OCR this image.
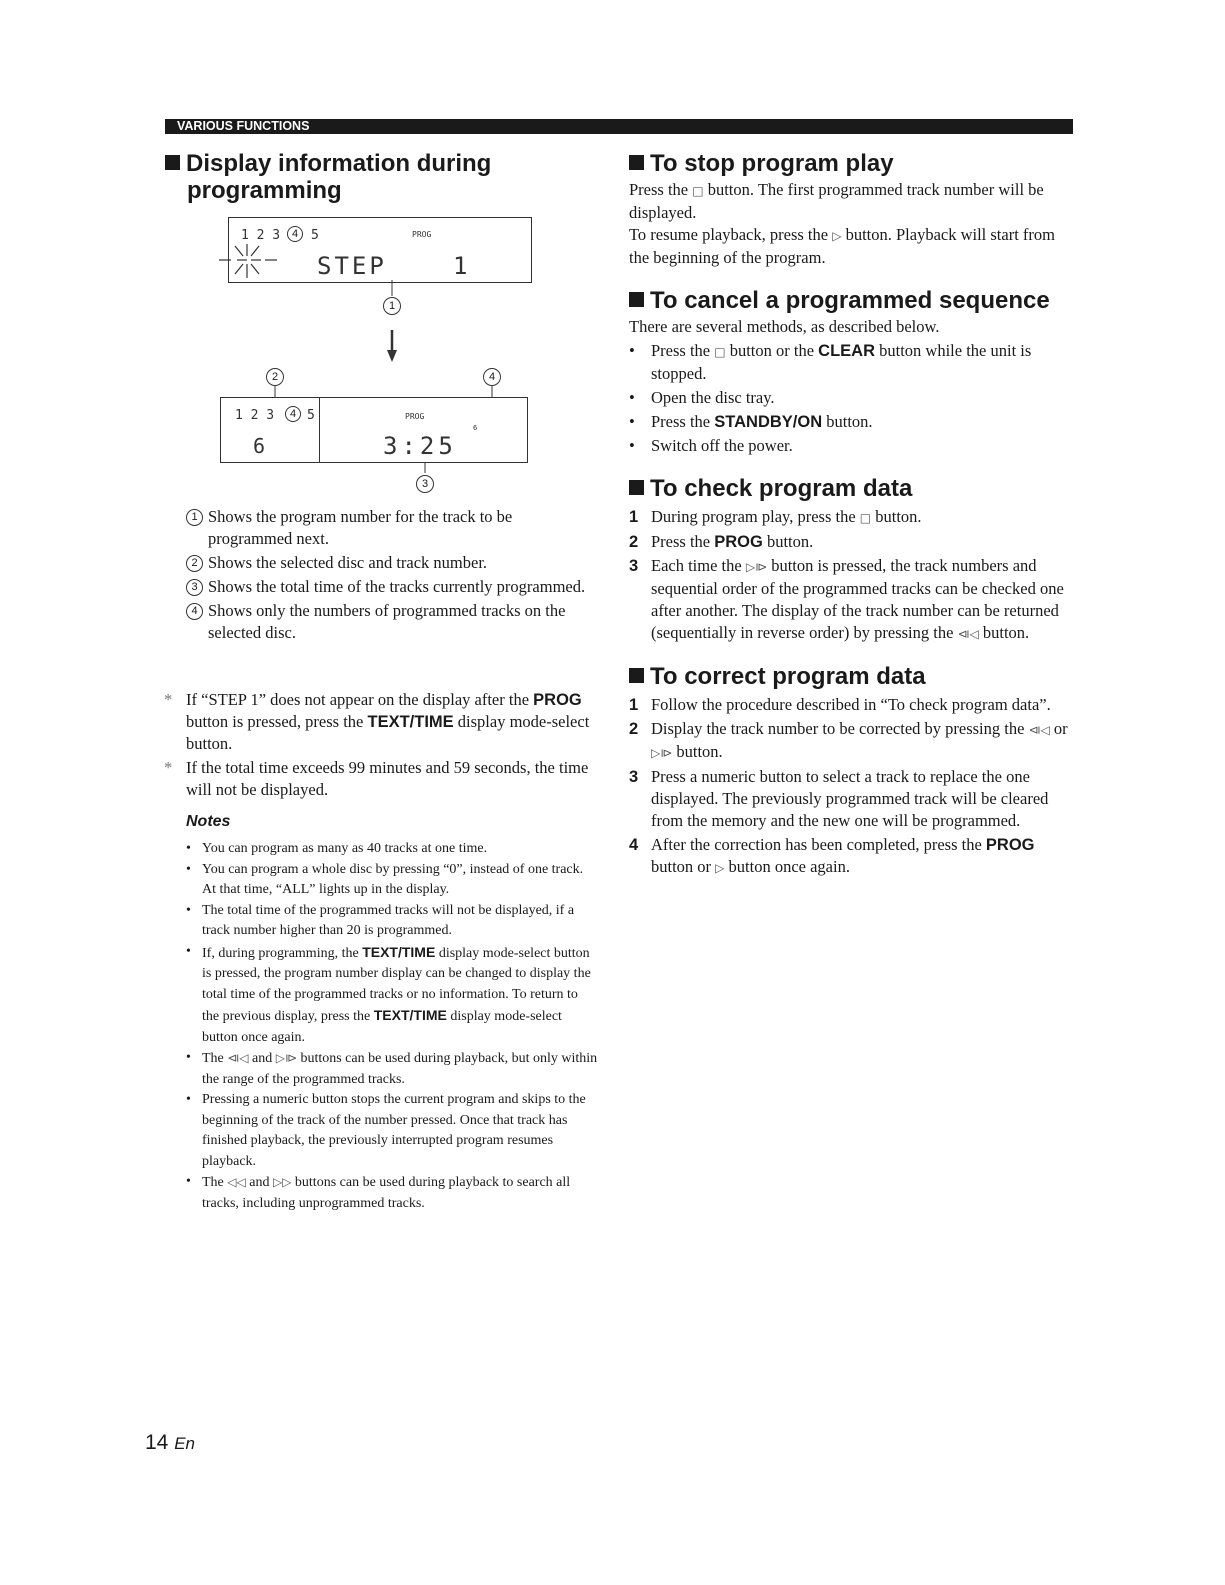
VARIOUS FUNCTIONS
Display information during
programming
1 2 3	4 5	PROG
STEP	1
1
2	4
1 2 3	4 5
6
PROG
6
3:25
3
1 Shows the program number for the track to be programmed next.
2 Shows the selected disc and track number.
3 Shows the total time of the tracks currently programmed.
4 Shows only the numbers of programmed tracks on the selected disc.
* If “STEP 1” does not appear on the display after the PROG button is pressed, press the TEXT/TIME display mode-select button.
* If the total time exceeds 99 minutes and 59 seconds, the time will not be displayed.
Notes
• You can program as many as 40 tracks at one time.
• You can program a whole disc by pressing “0”, instead of one track. At that time, “ALL” lights up in the display.
• The total time of the programmed tracks will not be displayed, if a track number higher than 20 is programmed.
• If, during programming, the TEXT/TIME display mode-select button is pressed, the program number display can be changed to display the total time of the programmed tracks or no information. To return to the previous display, press the TEXT/TIME display mode-select button once again.
• The ⧏◁ and ▷⧐ buttons can be used during playback, but only within the range of the programmed tracks.
• Pressing a numeric button stops the current program and skips to the beginning of the track of the number pressed. Once that track has finished playback, the previously interrupted program resumes playback.
• The ◁◁ and ▷▷ buttons can be used during playback to search all tracks, including unprogrammed tracks.
To stop program play
Press the □ button. The first programmed track number will be displayed.
To resume playback, press the ▷ button. Playback will start from the beginning of the program.
To cancel a programmed sequence
There are several methods, as described below.
• Press the □ button or the CLEAR button while the unit is stopped.
• Open the disc tray.
• Press the STANDBY/ON button.
• Switch off the power.
To check program data
1 During program play, press the □ button.
2 Press the PROG button.
3 Each time the ▷⧐ button is pressed, the track numbers and sequential order of the programmed tracks can be checked one after another. The display of the track number can be returned (sequentially in reverse order) by pressing the ⧏◁ button.
To correct program data
1 Follow the procedure described in “To check program data”.
2 Display the track number to be corrected by pressing the ⧏◁ or ▷⧐ button.
3 Press a numeric button to select a track to replace the one displayed. The previously programmed track will be cleared from the memory and the new one will be programmed.
4 After the correction has been completed, press the PROG button or ▷ button once again.
14 En
